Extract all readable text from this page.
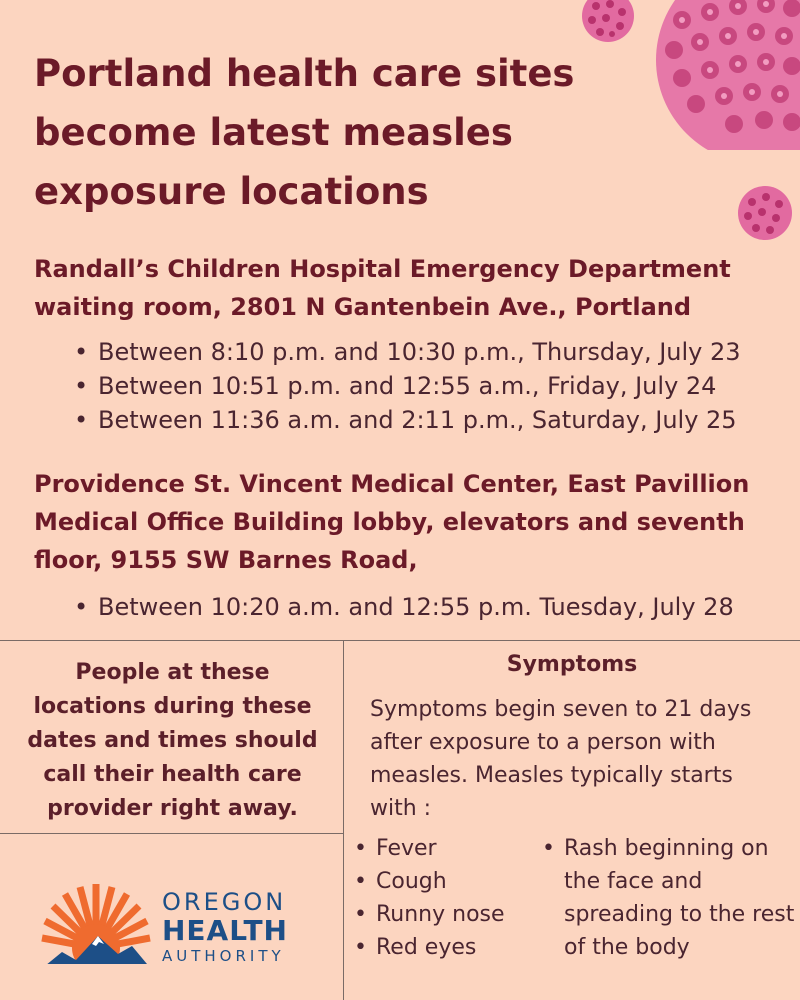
Portland health care sites become latest measles exposure locations

Randall’s Children Hospital Emergency Department waiting room, 2801 N Gantenbein Ave., Portland

• Between 8:10 p.m. and 10:30 p.m., Thursday, July 23
• Between 10:51 p.m. and 12:55 a.m., Friday, July 24
• Between 11:36 a.m. and 2:11 p.m., Saturday, July 25

Providence St. Vincent Medical Center, East Pavillion Medical Office Building lobby, elevators and seventh floor, 9155 SW Barnes Road,

• Between 10:20 a.m. and 12:55 p.m. Tuesday, July 28

People at these locations during these dates and times should call their health care provider right away.

Symptoms

Symptoms begin seven to 21 days after exposure to a person with measles. Measles typically starts with :

• Fever
• Cough
• Runny nose
• Red eyes
• Rash beginning on the face and spreading to the rest of the body
OREGON
HEALTH
AUTHORITY
